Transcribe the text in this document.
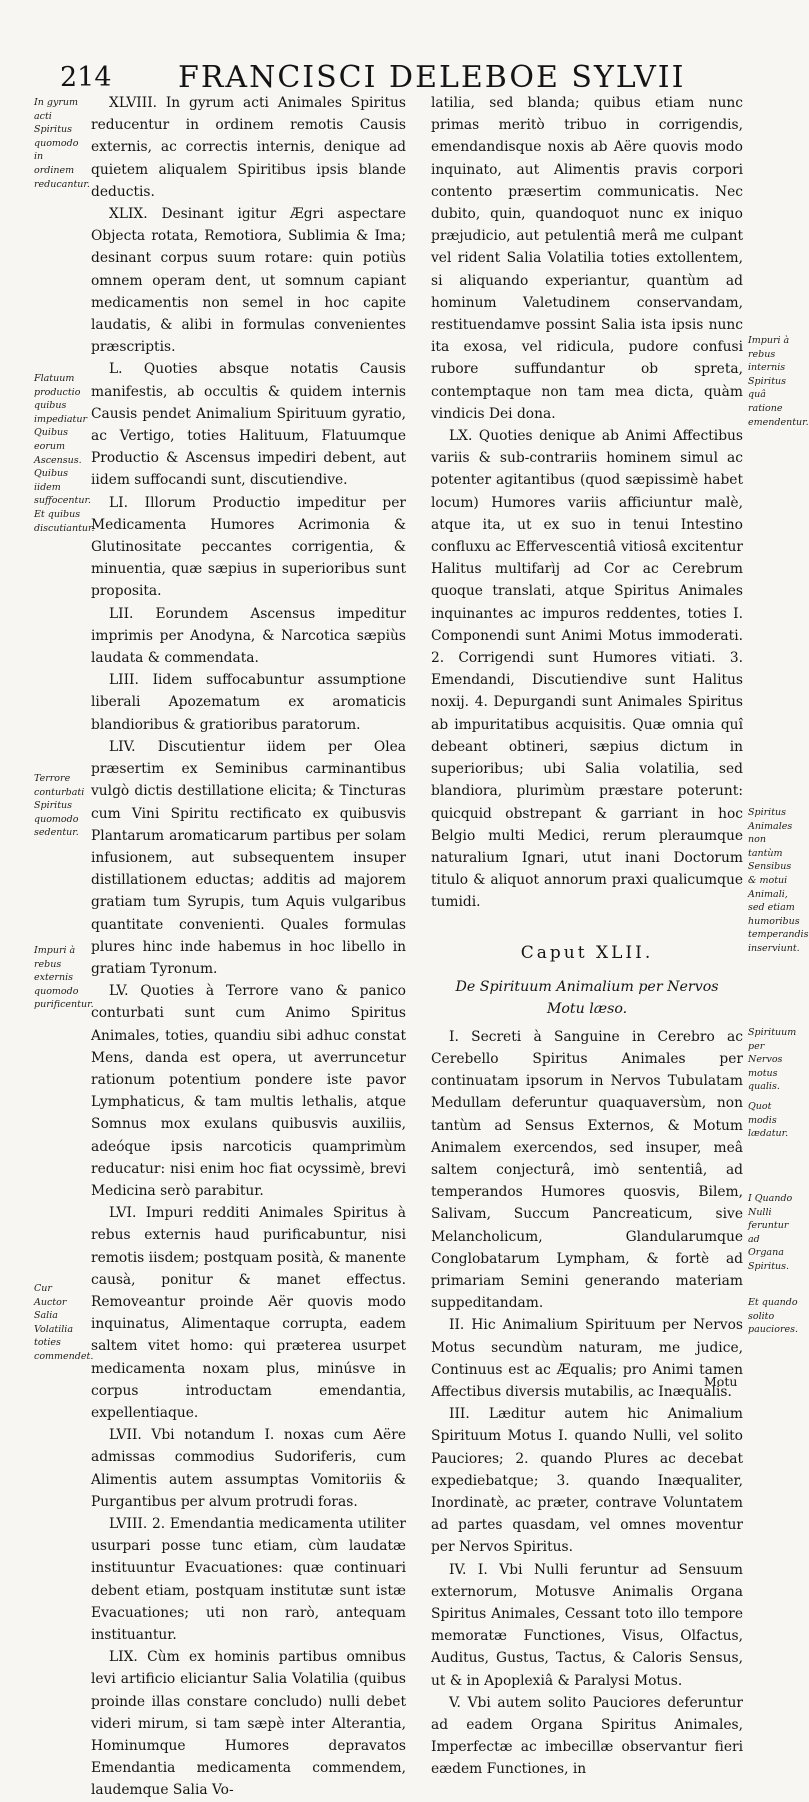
214 FRANCISCI DELEBOE SYLVII

XLVIII. In gyrum acti Animales Spiritus reducentur in ordinem remotis Causis externis, ac correctis internis, denique ad quietem aliqualem Spiritibus ipsis blande deductis.

XLIX. Desinant igitur Ægri aspectare Objecta rotata, Remotiora, Sublimia & Ima; desinant corpus suum rotare: quin potiùs omnem operam dent, ut somnum capiant medicamentis non semel in hoc capite laudatis, & alibi in formulas convenientes præscriptis.

L. Quoties absque notatis Causis manifestis, ab occultis & quidem internis Causis pendet Animalium Spirituum gyratio, ac Vertigo, toties Halituum, Flatuumque Productio & Ascensus impediri debent, aut iidem suffocandi sunt, discutiendive.

LI. Illorum Productio impeditur per Medicamenta Humores Acrimonia & Glutinositate peccantes corrigentia, & minuentia, quæ sæpius in superioribus sunt proposita.

LII. Eorundem Ascensus impeditur imprimis per Anodyna, & Narcotica sæpiùs laudata & commendata.

LIII. Iidem suffocabuntur assumptione liberali Apozematum ex aromaticis blandioribus & gratioribus paratorum.

LIV. Discutientur iidem per Olea præsertim ex Seminibus carminantibus vulgò dictis destillatione elicita; & Tincturas cum Vini Spiritu rectificato ex quibusvis Plantarum aromaticarum partibus per solam infusionem, aut subsequentem insuper distillationem eductas; additis ad majorem gratiam tum Syrupis, tum Aquis vulgaribus quantitate convenienti. Quales formulas plures hinc inde habemus in hoc libello in gratiam Tyronum.

LV. Quoties à Terrore vano & panico conturbati sunt cum Animo Spiritus Animales, toties, quandiu sibi adhuc constat Mens, danda est opera, ut averruncetur rationum potentium pondere iste pavor Lymphaticus, & tam multis lethalis, atque Somnus mox exulans quibusvis auxiliis, adeóque ipsis narcoticis quamprimùm reducatur: nisi enim hoc fiat ocyssimè, brevi Medicina serò parabitur.

LVI. Impuri redditi Animales Spiritus à rebus externis haud purificabuntur, nisi remotis iisdem; postquam posità, & manente causà, ponitur & manet effectus. Removeantur proinde Aër quovis modo inquinatus, Alimentaque corrupta, eadem saltem vitet homo: qui præterea usurpet medicamenta noxam plus, minúsve in corpus introductam emendantia, expellentiaque.

LVII. Vbi notandum I. noxas cum Aëre admissas commodius Sudoriferis, cum Alimentis autem assumptas Vomitoriis & Purgantibus per alvum protrudi foras.

LVIII. 2. Emendantia medicamenta utiliter usurpari posse tunc etiam, cùm laudatæ instituuntur Evacuationes: quæ continuari debent etiam, postquam institutæ sunt istæ Evacuationes; uti non rarò, antequam instituantur.

LIX. Cùm ex hominis partibus omnibus levi artificio eliciantur Salia Volatilia (quibus proinde illas constare concludo) nulli debet videri mirum, si tam sæpè inter Alterantia, Hominumque Humores depravatos Emendantia medicamenta commendem, laudemque Salia Vo-

latilia, sed blanda; quibus etiam nunc primas meritò tribuo in corrigendis, emendandisque noxis ab Aëre quovis modo inquinato, aut Alimentis pravis corpori contento præsertim communicatis. Nec dubito, quin, quandoquot nunc ex iniquo præjudicio, aut petulentiâ merâ me culpant vel rident Salia Volatilia toties extollentem, si aliquando experiantur, quantùm ad hominum Valetudinem conservandam, restituendamve possint Salia ista ipsis nunc ita exosa, vel ridicula, pudore confusi rubore suffundantur ob spreta, contemptaque non tam mea dicta, quàm vindicis Dei dona.

LX. Quoties denique ab Animi Affectibus variis & sub-contrariis hominem simul ac potenter agitantibus (quod sæpissimè habet locum) Humores variis afficiuntur malè, atque ita, ut ex suo in tenui Intestino confluxu ac Effervescentiâ vitiosâ excitentur Halitus multifarìj ad Cor ac Cerebrum quoque translati, atque Spiritus Animales inquinantes ac impuros reddentes, toties I. Componendi sunt Animi Motus immoderati. 2. Corrigendi sunt Humores vitiati. 3. Emendandi, Discutiendive sunt Halitus noxij. 4. Depurgandi sunt Animales Spiritus ab impuritatibus acquisitis. Quæ omnia quî debeant obtineri, sæpius dictum in superioribus; ubi Salia volatilia, sed blandiora, plurimùm præstare poterunt: quicquid obstrepant & garriant in hoc Belgio multi Medici, rerum pleraumque naturalium Ignari, utut inani Doctorum titulo & aliquot annorum praxi qualicumque tumidi.

Caput XLII.

De Spirituum Animalium per Nervos
Motu læso.

I. Secreti à Sanguine in Cerebro ac Cerebello Spiritus Animales per continuatam ipsorum in Nervos Tubulatam Medullam deferuntur quaquaversùm, non tantùm ad Sensus Externos, & Motum Animalem exercendos, sed insuper, meâ saltem conjecturâ, imò sententiâ, ad temperandos Humores quosvis, Bilem, Salivam, Succum Pancreaticum, sive Melancholicum, Glandularumque Conglobatarum Lympham, & fortè ad primariam Semini generando materiam suppeditandam.

II. Hic Animalium Spirituum per Nervos Motus secundùm naturam, me judice, Continuus est ac Æqualis; pro Animi tamen Affectibus diversis mutabilis, ac Inæqualis.

III. Læditur autem hic Animalium Spirituum Motus I. quando Nulli, vel solito Pauciores; 2. quando Plures ac decebat expediebatque; 3. quando Inæqualiter, Inordinatè, ac præter, contrave Voluntatem ad partes quasdam, vel omnes moventur per Nervos Spiritus.

IV. I. Vbi Nulli feruntur ad Sensuum externorum, Motusve Animalis Organa Spiritus Animales, Cessant toto illo tempore memoratæ Functiones, Visus, Olfactus, Auditus, Gustus, Tactus, & Caloris Sensus, ut & in Apoplexiâ & Paralysi Motus.

V. Vbi autem solito Pauciores deferuntur ad eadem Organa Spiritus Animales, Imperfectæ ac imbecillæ observantur fieri eædem Functiones, in

In gyrum acti Spiritus quomodo in ordinem reducantur.
Flatuum productio quibus impediatur Quibus eorum Ascensus. Quibus iidem suffocentur. Et quibus discutiantur.
Terrore conturbati Spiritus quomodo sedentur.
Impuri à rebus externis quomodo purificentur.
Cur Auctor Salia Volatilia toties commendet.
Impuri à rebus internis Spiritus quâ ratione emendentur.
Spiritus Animales non tantùm Sensibus & motui Animali, sed etiam humoribus temperandis inserviunt.
Spirituum per Nervos motus qualis.
Quot modis lædatur.
I Quando Nulli feruntur ad Organa Spiritus.
Et quando solito pauciores.
Motu
